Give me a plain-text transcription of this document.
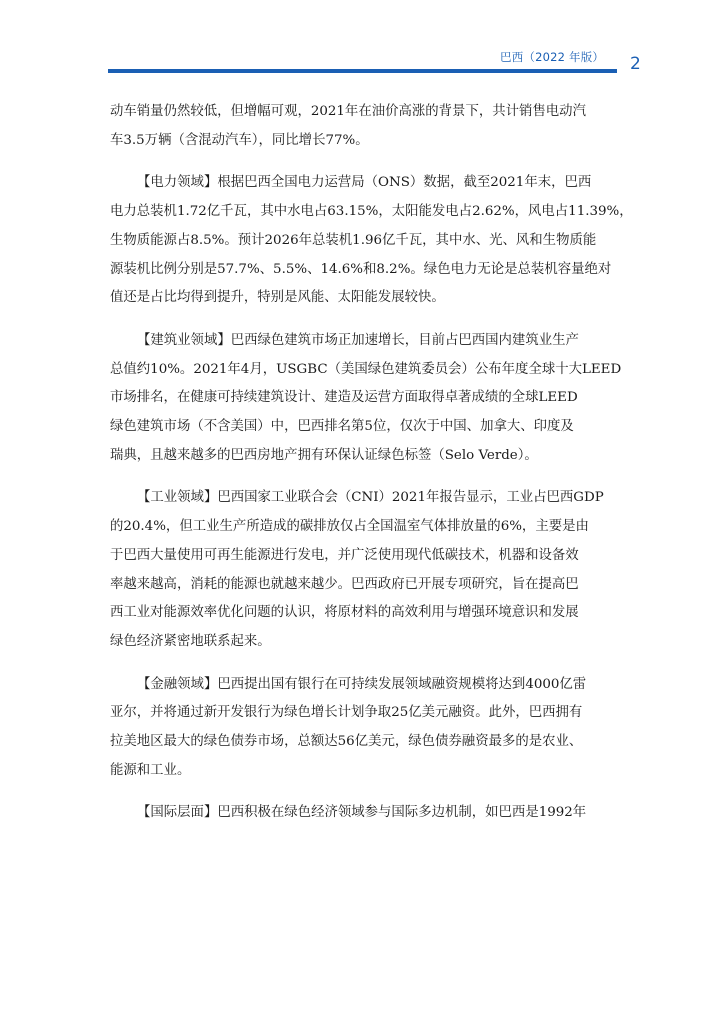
巴西（2022 年版）	2

动车销量仍然较低，但增幅可观，2021年在油价高涨的背景下，共计销售电动汽
车3.5万辆（含混动汽车），同比增长77%。

【电力领域】根据巴西全国电力运营局（ONS）数据，截至2021年末，巴西
电力总装机1.72亿千瓦，其中水电占63.15%，太阳能发电占2.62%，风电占11.39%，
生物质能源占8.5%。预计2026年总装机1.96亿千瓦，其中水、光、风和生物质能
源装机比例分别是57.7%、5.5%、14.6%和8.2%。绿色电力无论是总装机容量绝对
值还是占比均得到提升，特别是风能、太阳能发展较快。

【建筑业领域】巴西绿色建筑市场正加速增长，目前占巴西国内建筑业生产
总值约10%。2021年4月，USGBC（美国绿色建筑委员会）公布年度全球十大LEED
市场排名，在健康可持续建筑设计、建造及运营方面取得卓著成绩的全球LEED
绿色建筑市场（不含美国）中，巴西排名第5位，仅次于中国、加拿大、印度及
瑞典，且越来越多的巴西房地产拥有环保认证绿色标签（Selo Verde）。

【工业领域】巴西国家工业联合会（CNI）2021年报告显示，工业占巴西GDP
的20.4%，但工业生产所造成的碳排放仅占全国温室气体排放量的6%，主要是由
于巴西大量使用可再生能源进行发电，并广泛使用现代低碳技术，机器和设备效
率越来越高，消耗的能源也就越来越少。巴西政府已开展专项研究，旨在提高巴
西工业对能源效率优化问题的认识，将原材料的高效利用与增强环境意识和发展
绿色经济紧密地联系起来。

【金融领域】巴西提出国有银行在可持续发展领域融资规模将达到4000亿雷
亚尔，并将通过新开发银行为绿色增长计划争取25亿美元融资。此外，巴西拥有
拉美地区最大的绿色债券市场，总额达56亿美元，绿色债券融资最多的是农业、
能源和工业。

【国际层面】巴西积极在绿色经济领域参与国际多边机制，如巴西是1992年
